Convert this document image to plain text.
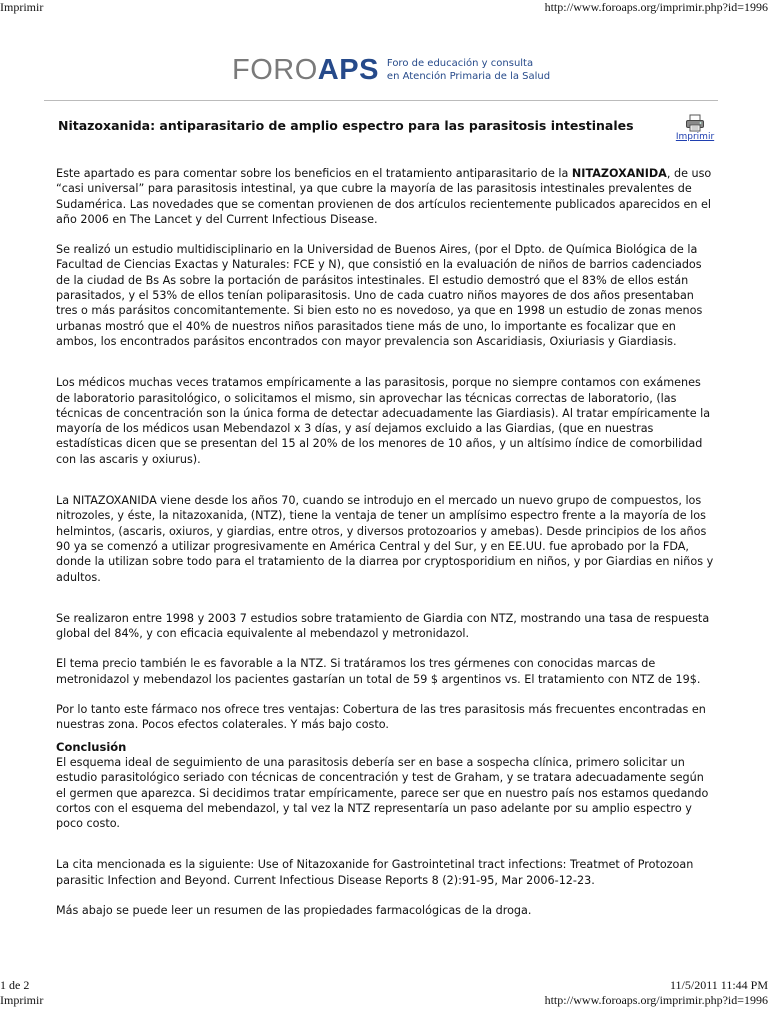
Imprimir	http://www.foroaps.org/imprimir.php?id=1996
FOROAPS Foro de educación y consulta
en Atención Primaria de la Salud
Nitazoxanida: antiparasitario de amplio espectro para las parasitosis intestinales
Imprimir

Este apartado es para comentar sobre los beneficios en el tratamiento antiparasitario de la NITAZOXANIDA, de uso “casi universal” para parasitosis intestinal, ya que cubre la mayoría de las parasitosis intestinales prevalentes de Sudamérica. Las novedades que se comentan provienen de dos artículos recientemente publicados aparecidos en el año 2006 en The Lancet y del Current Infectious Disease.

Se realizó un estudio multidisciplinario en la Universidad de Buenos Aires, (por el Dpto. de Química Biológica de la Facultad de Ciencias Exactas y Naturales: FCE y N), que consistió en la evaluación de niños de barrios cadenciados de la ciudad de Bs As sobre la portación de parásitos intestinales. El estudio demostró que el 83% de ellos están parasitados, y el 53% de ellos tenían poliparasitosis. Uno de cada cuatro niños mayores de dos años presentaban tres o más parásitos concomitantemente. Si bien esto no es novedoso, ya que en 1998 un estudio de zonas menos urbanas mostró que el 40% de nuestros niños parasitados tiene más de uno, lo importante es focalizar que en ambos, los encontrados parásitos encontrados con mayor prevalencia son Ascaridiasis, Oxiuriasis y Giardiasis.

Los médicos muchas veces tratamos empíricamente a las parasitosis, porque no siempre contamos con exámenes de laboratorio parasitológico, o solicitamos el mismo, sin aprovechar las técnicas correctas de laboratorio, (las técnicas de concentración son la única forma de detectar adecuadamente las Giardiasis). Al tratar empíricamente la mayoría de los médicos usan Mebendazol x 3 días, y así dejamos excluido a las Giardias, (que en nuestras estadísticas dicen que se presentan del 15 al 20% de los menores de 10 años, y un altísimo índice de comorbilidad con las ascaris y oxiurus).

La NITAZOXANIDA viene desde los años 70, cuando se introdujo en el mercado un nuevo grupo de compuestos, los nitrozoles, y éste, la nitazoxanida, (NTZ), tiene la ventaja de tener un amplísimo espectro frente a la mayoría de los helmintos, (ascaris, oxiuros, y giardias, entre otros, y diversos protozoarios y amebas). Desde principios de los años 90 ya se comenzó a utilizar progresivamente en América Central y del Sur, y en EE.UU. fue aprobado por la FDA, donde la utilizan sobre todo para el tratamiento de la diarrea por cryptosporidium en niños, y por Giardias en niños y adultos.

Se realizaron entre 1998 y 2003 7 estudios sobre tratamiento de Giardia con NTZ, mostrando una tasa de respuesta global del 84%, y con eficacia equivalente al mebendazol y metronidazol.

El tema precio también le es favorable a la NTZ. Si tratáramos los tres gérmenes con conocidas marcas de metronidazol y mebendazol los pacientes gastarían un total de 59 $ argentinos vs. El tratamiento con NTZ de 19$.

Por lo tanto este fármaco nos ofrece tres ventajas: Cobertura de las tres parasitosis más frecuentes encontradas en nuestras zona. Pocos efectos colaterales. Y más bajo costo.

Conclusión

El esquema ideal de seguimiento de una parasitosis debería ser en base a sospecha clínica, primero solicitar un estudio parasitológico seriado con técnicas de concentración y test de Graham, y se tratara adecuadamente según el germen que aparezca. Si decidimos tratar empíricamente, parece ser que en nuestro país nos estamos quedando cortos con el esquema del mebendazol, y tal vez la NTZ representaría un paso adelante por su amplio espectro y poco costo.

La cita mencionada es la siguiente: Use of Nitazoxanide for Gastrointetinal tract infections: Treatmet of Protozoan parasitic Infection and Beyond. Current Infectious Disease Reports 8 (2):91-95, Mar 2006-12-23.

Más abajo se puede leer un resumen de las propiedades farmacológicas de la droga.

1 de 2
Imprimir
11/5/2011 11:44 PM
http://www.foroaps.org/imprimir.php?id=1996
